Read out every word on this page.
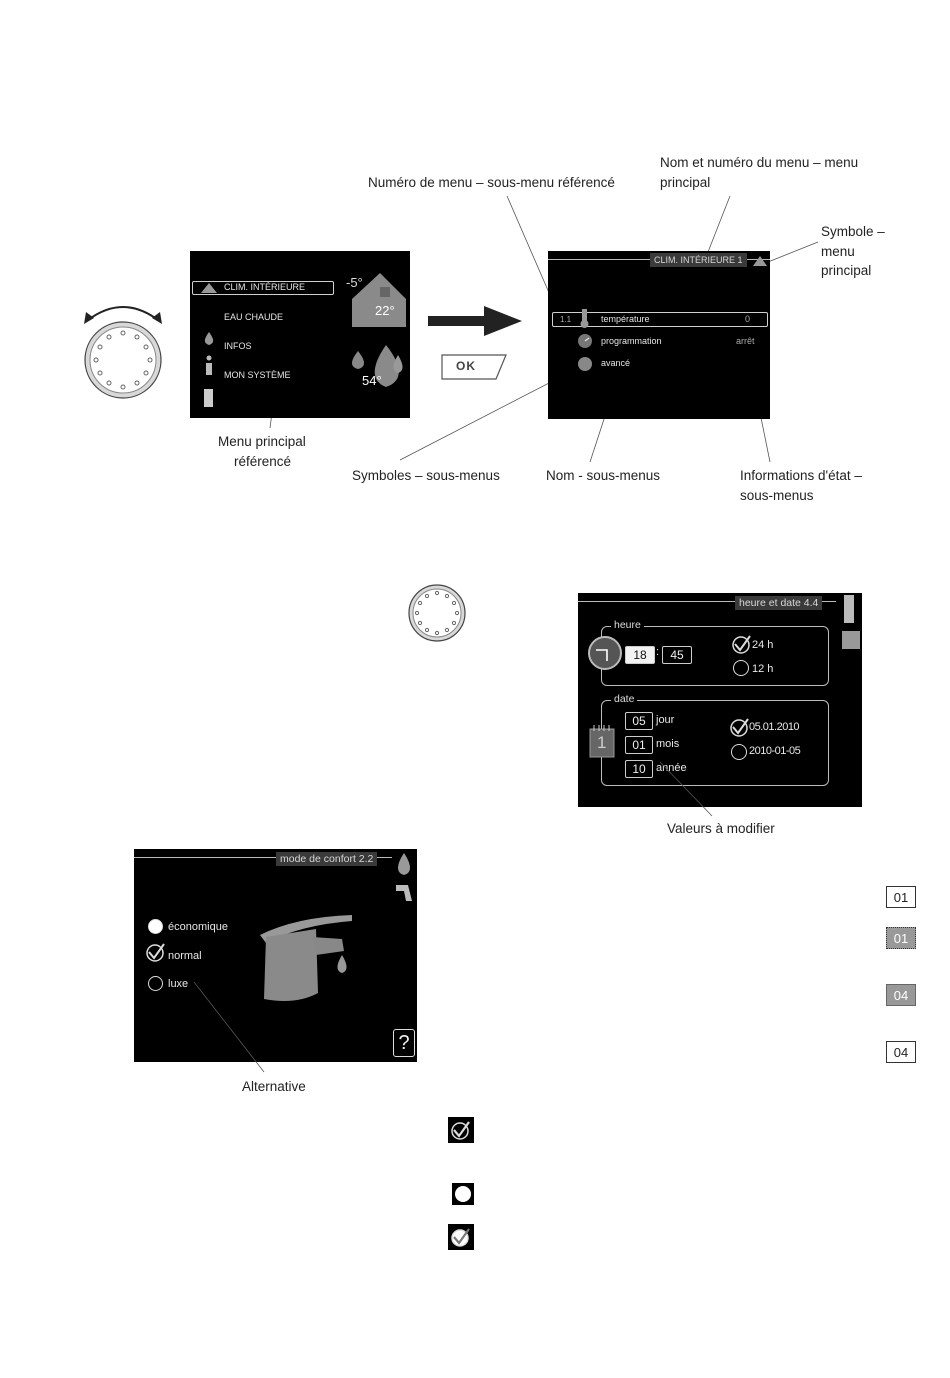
Numéro de menu – sous-menu référencé
Nom et numéro du menu – menu
principal
Symbole –
menu
principal
Menu principal
référencé
Symboles – sous-menus	Nom - sous-menus	Informations d'état –
sous-menus
CLIM. INTÉRIEURE
EAU CHAUDE
INFOS
MON SYSTÈME
-5°
22°
54°
OK
CLIM. INTÉRIEURE 1
1.1	température
programmation
avancé
0
arrêt
heure et date 4.4
heure
18 : 45
24 h
12 h
date
1
05 jour
01 mois
10 année
05.01.2010
2010-01-05
Valeurs à modifier
mode de confort 2.2
économique
normal
luxe
?
Alternative
01
01
04
04
